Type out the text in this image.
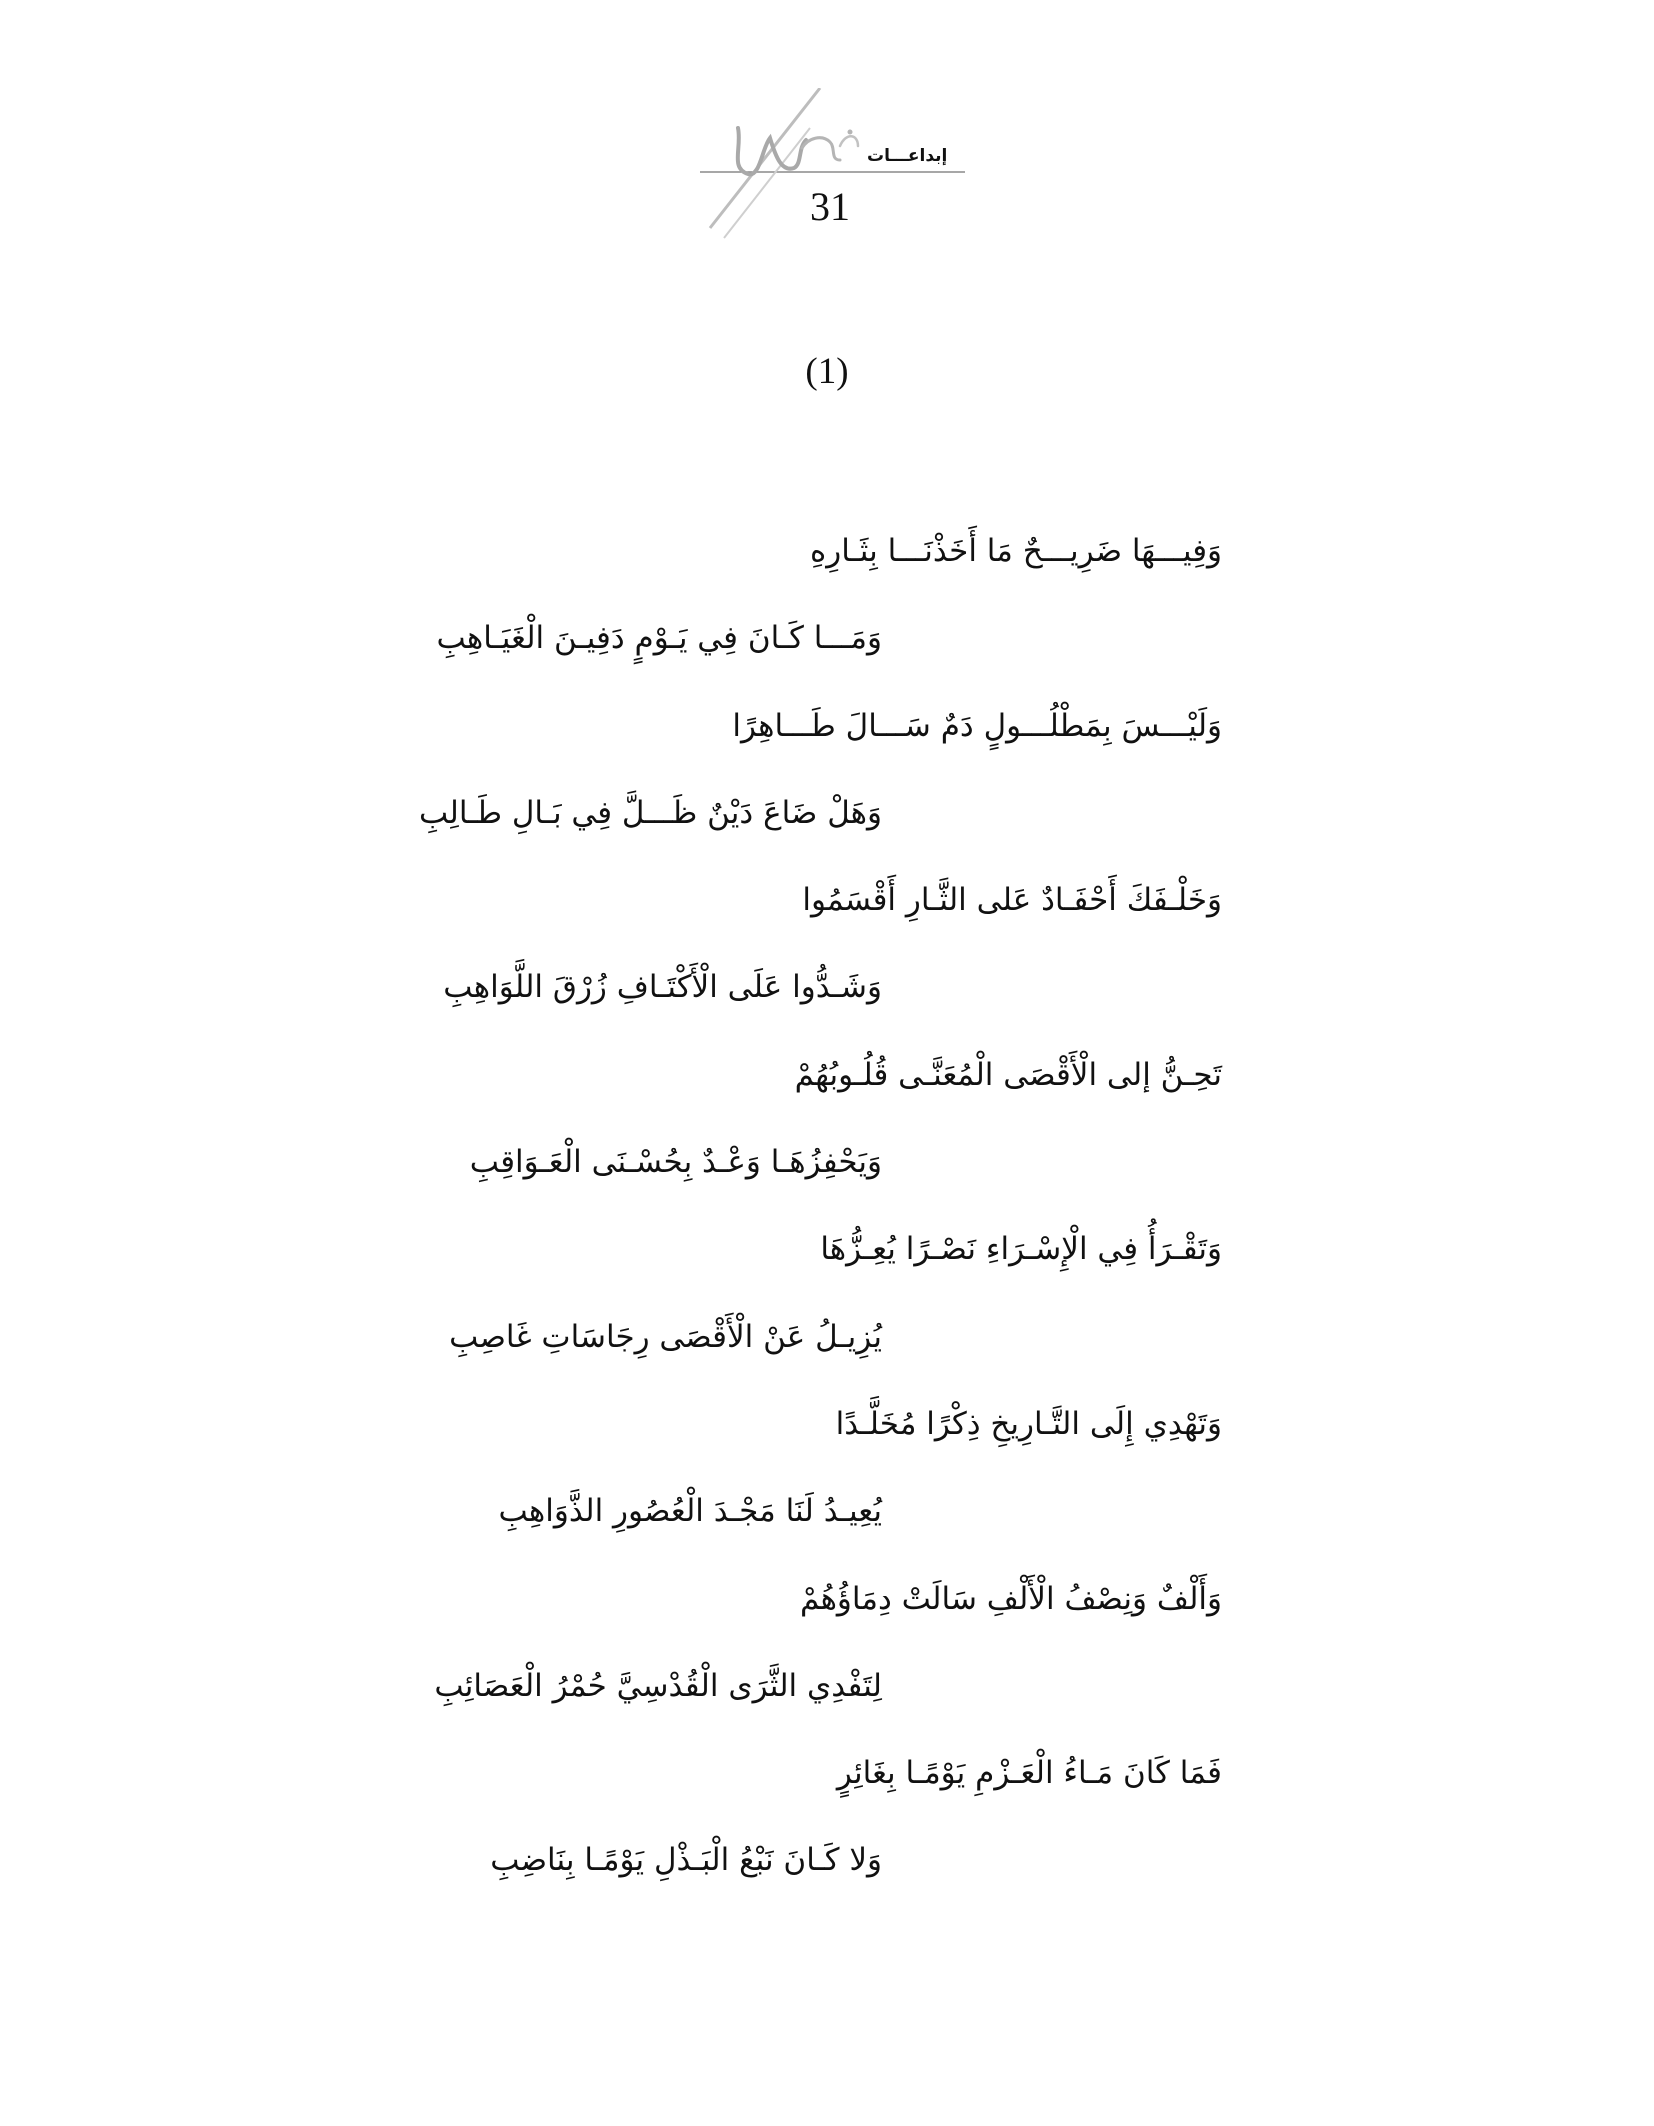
إبداعـــات
31
(1)
وَفِيـــهَا ضَرِيـــحٌ مَا أَخَذْنَـــا بِثَـارِهِ
وَمَـــا كَـانَ فِي يَـوْمٍ دَفِيـنَ الْغَيَـاهِبِ
وَلَيْـــسَ بِمَطْلُـــولٍ دَمٌ سَـــالَ طَـــاهِرًا
وَهَلْ ضَاعَ دَيْنٌ ظَـــلَّ فِي بَـالِ طَـالِبِ
وَخَلْـفَكَ أَحْفَـادٌ عَلى الثَّـارِ أَقْسَمُوا
وَشَـدُّوا عَلَى الْأَكْتَـافِ زُرْقَ اللَّوَاهِبِ
تَحِـنُّ إلى الْأَقْصَى الْمُعَنَّـى قُلُـوبُهُمْ
وَيَحْفِزُهَـا وَعْـدٌ بِحُسْـنَى الْعَـوَاقِبِ
وَتَقْـرَأُ فِي الْإِسْـرَاءِ نَصْـرًا يُعِـزُّهَا
يُزِيـلُ عَنْ الْأَقْصَى رِجَاسَاتِ غَاصِبِ
وَتَهْدِي إِلَى التَّـارِيخِ ذِكْرًا مُخَلَّـدًا
يُعِيـدُ لَنَا مَجْـدَ الْعُصُورِ الذَّوَاهِبِ
وَأَلْفٌ وَنِصْفُ الْأَلْفِ سَالَتْ دِمَاؤُهُمْ
لِتَفْدِي الثَّرَى الْقُدْسِيَّ حُمْرُ الْعَصَائِبِ
فَمَا كَانَ مَـاءُ الْعَـزْمِ يَوْمًـا بِغَائِرٍ
وَلا كَـانَ نَبْعُ الْبَـذْلِ يَوْمًـا بِنَاضِبِ
